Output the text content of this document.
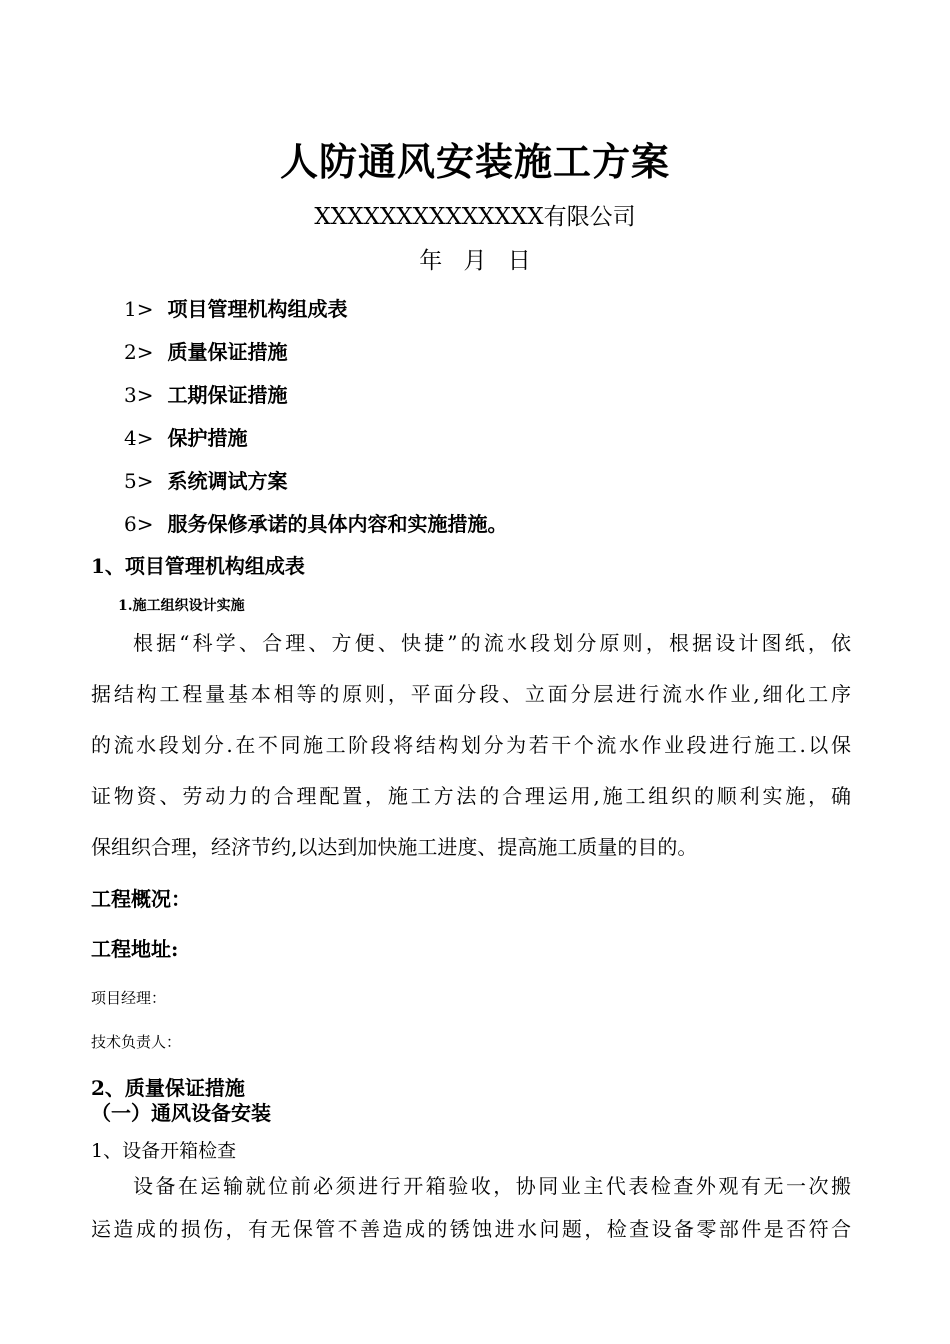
人防通风安装施工方案
XXXXXXXXXXXXXX有限公司
年 月 日
1> 项目管理机构组成表
2> 质量保证措施
3> 工期保证措施
4> 保护措施
5> 系统调试方案
6> 服务保修承诺的具体内容和实施措施。
1、项目管理机构组成表
1.施工组织设计实施
根据“科学、合理、方便、快捷”的流水段划分原则，根据设计图纸，依
据结构工程量基本相等的原则，平面分段、立面分层进行流水作业,细化工序
的流水段划分.在不同施工阶段将结构划分为若干个流水作业段进行施工.以保
证物资、劳动力的合理配置，施工方法的合理运用,施工组织的顺利实施，确
保组织合理，经济节约,以达到加快施工进度、提高施工质量的目的。
工程概况：
工程地址:
项目经理：
技术负责人：
2、质量保证措施
（一）通风设备安装
1、设备开箱检查
设备在运输就位前必须进行开箱验收，协同业主代表检查外观有无一次搬
运造成的损伤，有无保管不善造成的锈蚀进水问题，检查设备零部件是否符合
